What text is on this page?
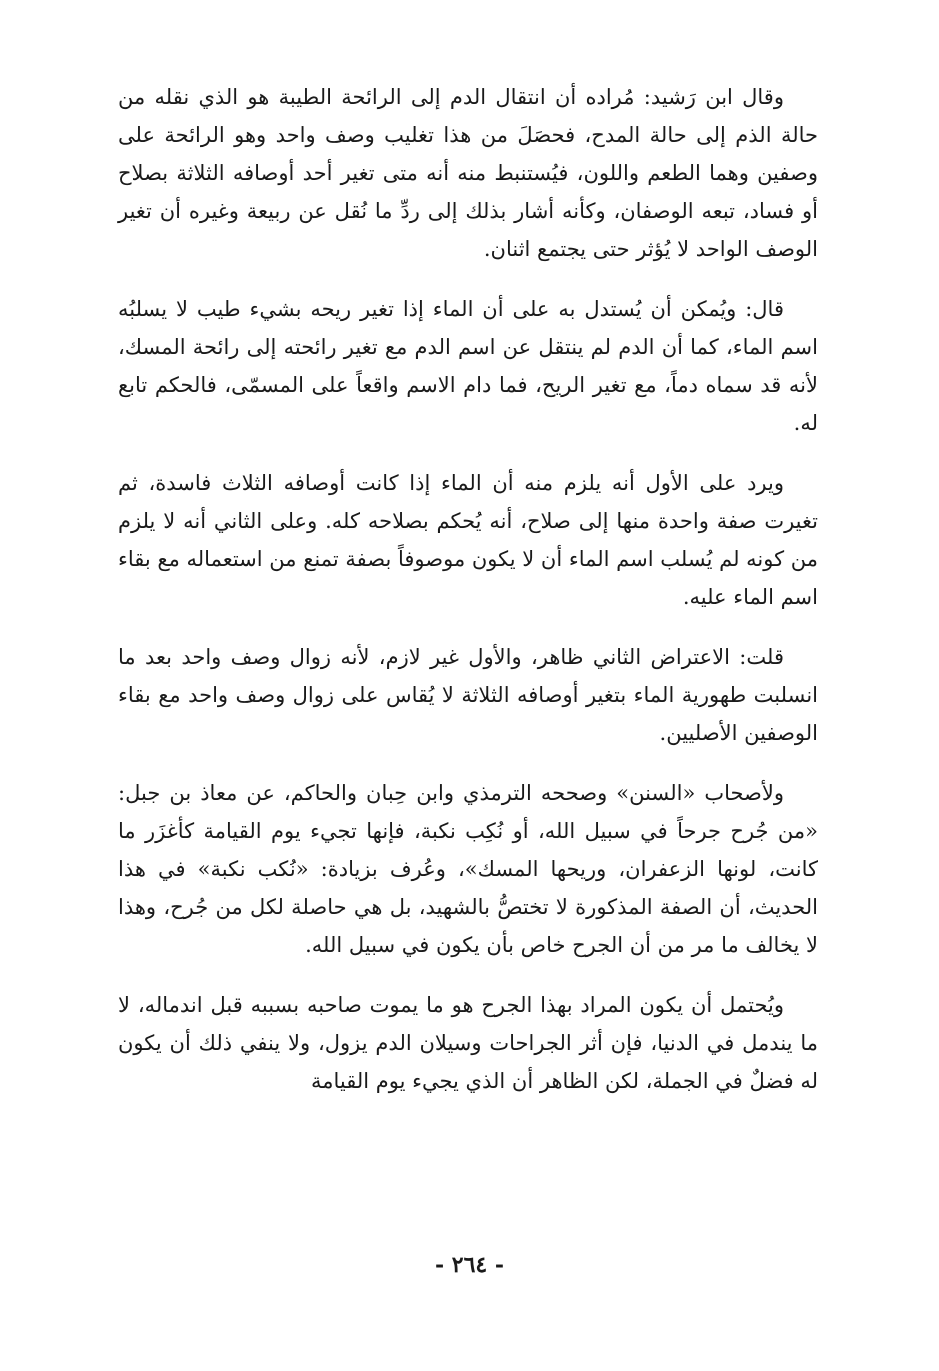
وقال ابن رَشيد: مُراده أن انتقال الدم إلى الرائحة الطيبة هو الذي نقله من حالة الذم إلى حالة المدح، فحصَلَ من هذا تغليب وصف واحد وهو الرائحة على وصفين وهما الطعم واللون، فيُستنبط منه أنه متى تغير أحد أوصافه الثلاثة بصلاح أو فساد، تبعه الوصفان، وكأنه أشار بذلك إلى ردِّ ما نُقل عن ربيعة وغيره أن تغير الوصف الواحد لا يُؤثر حتى يجتمع اثنان.

قال: ويُمكن أن يُستدل به على أن الماء إذا تغير ريحه بشيء طيب لا يسلبُه اسم الماء، كما أن الدم لم ينتقل عن اسم الدم مع تغير رائحته إلى رائحة المسك، لأنه قد سماه دماً، مع تغير الريح، فما دام الاسم واقعاً على المسمّى، فالحكم تابع له.

ويرد على الأول أنه يلزم منه أن الماء إذا كانت أوصافه الثلاث فاسدة، ثم تغيرت صفة واحدة منها إلى صلاح، أنه يُحكم بصلاحه كله. وعلى الثاني أنه لا يلزم من كونه لم يُسلب اسم الماء أن لا يكون موصوفاً بصفة تمنع من استعماله مع بقاء اسم الماء عليه.

قلت: الاعتراض الثاني ظاهر، والأول غير لازم، لأنه زوال وصف واحد بعد ما انسلبت طهورية الماء بتغير أوصافه الثلاثة لا يُقاس على زوال وصف واحد مع بقاء الوصفين الأصليين.

ولأصحاب «السنن» وصححه الترمذي وابن حِبان والحاكم، عن معاذ بن جبل: «من جُرح جرحاً في سبيل الله، أو نُكِب نكبة، فإنها تجيء يوم القيامة كأغزَر ما كانت، لونها الزعفران، وريحها المسك»، وعُرف بزيادة: «نُكب نكبة» في هذا الحديث، أن الصفة المذكورة لا تختصُّ بالشهيد، بل هي حاصلة لكل من جُرح، وهذا لا يخالف ما مر من أن الجرح خاص بأن يكون في سبيل الله.

ويُحتمل أن يكون المراد بهذا الجرح هو ما يموت صاحبه بسببه قبل اندماله، لا ما يندمل في الدنيا، فإن أثر الجراحات وسيلان الدم يزول، ولا ينفي ذلك أن يكون له فضلٌ في الجملة، لكن الظاهر أن الذي يجيء يوم القيامة

- ٢٦٤ -
